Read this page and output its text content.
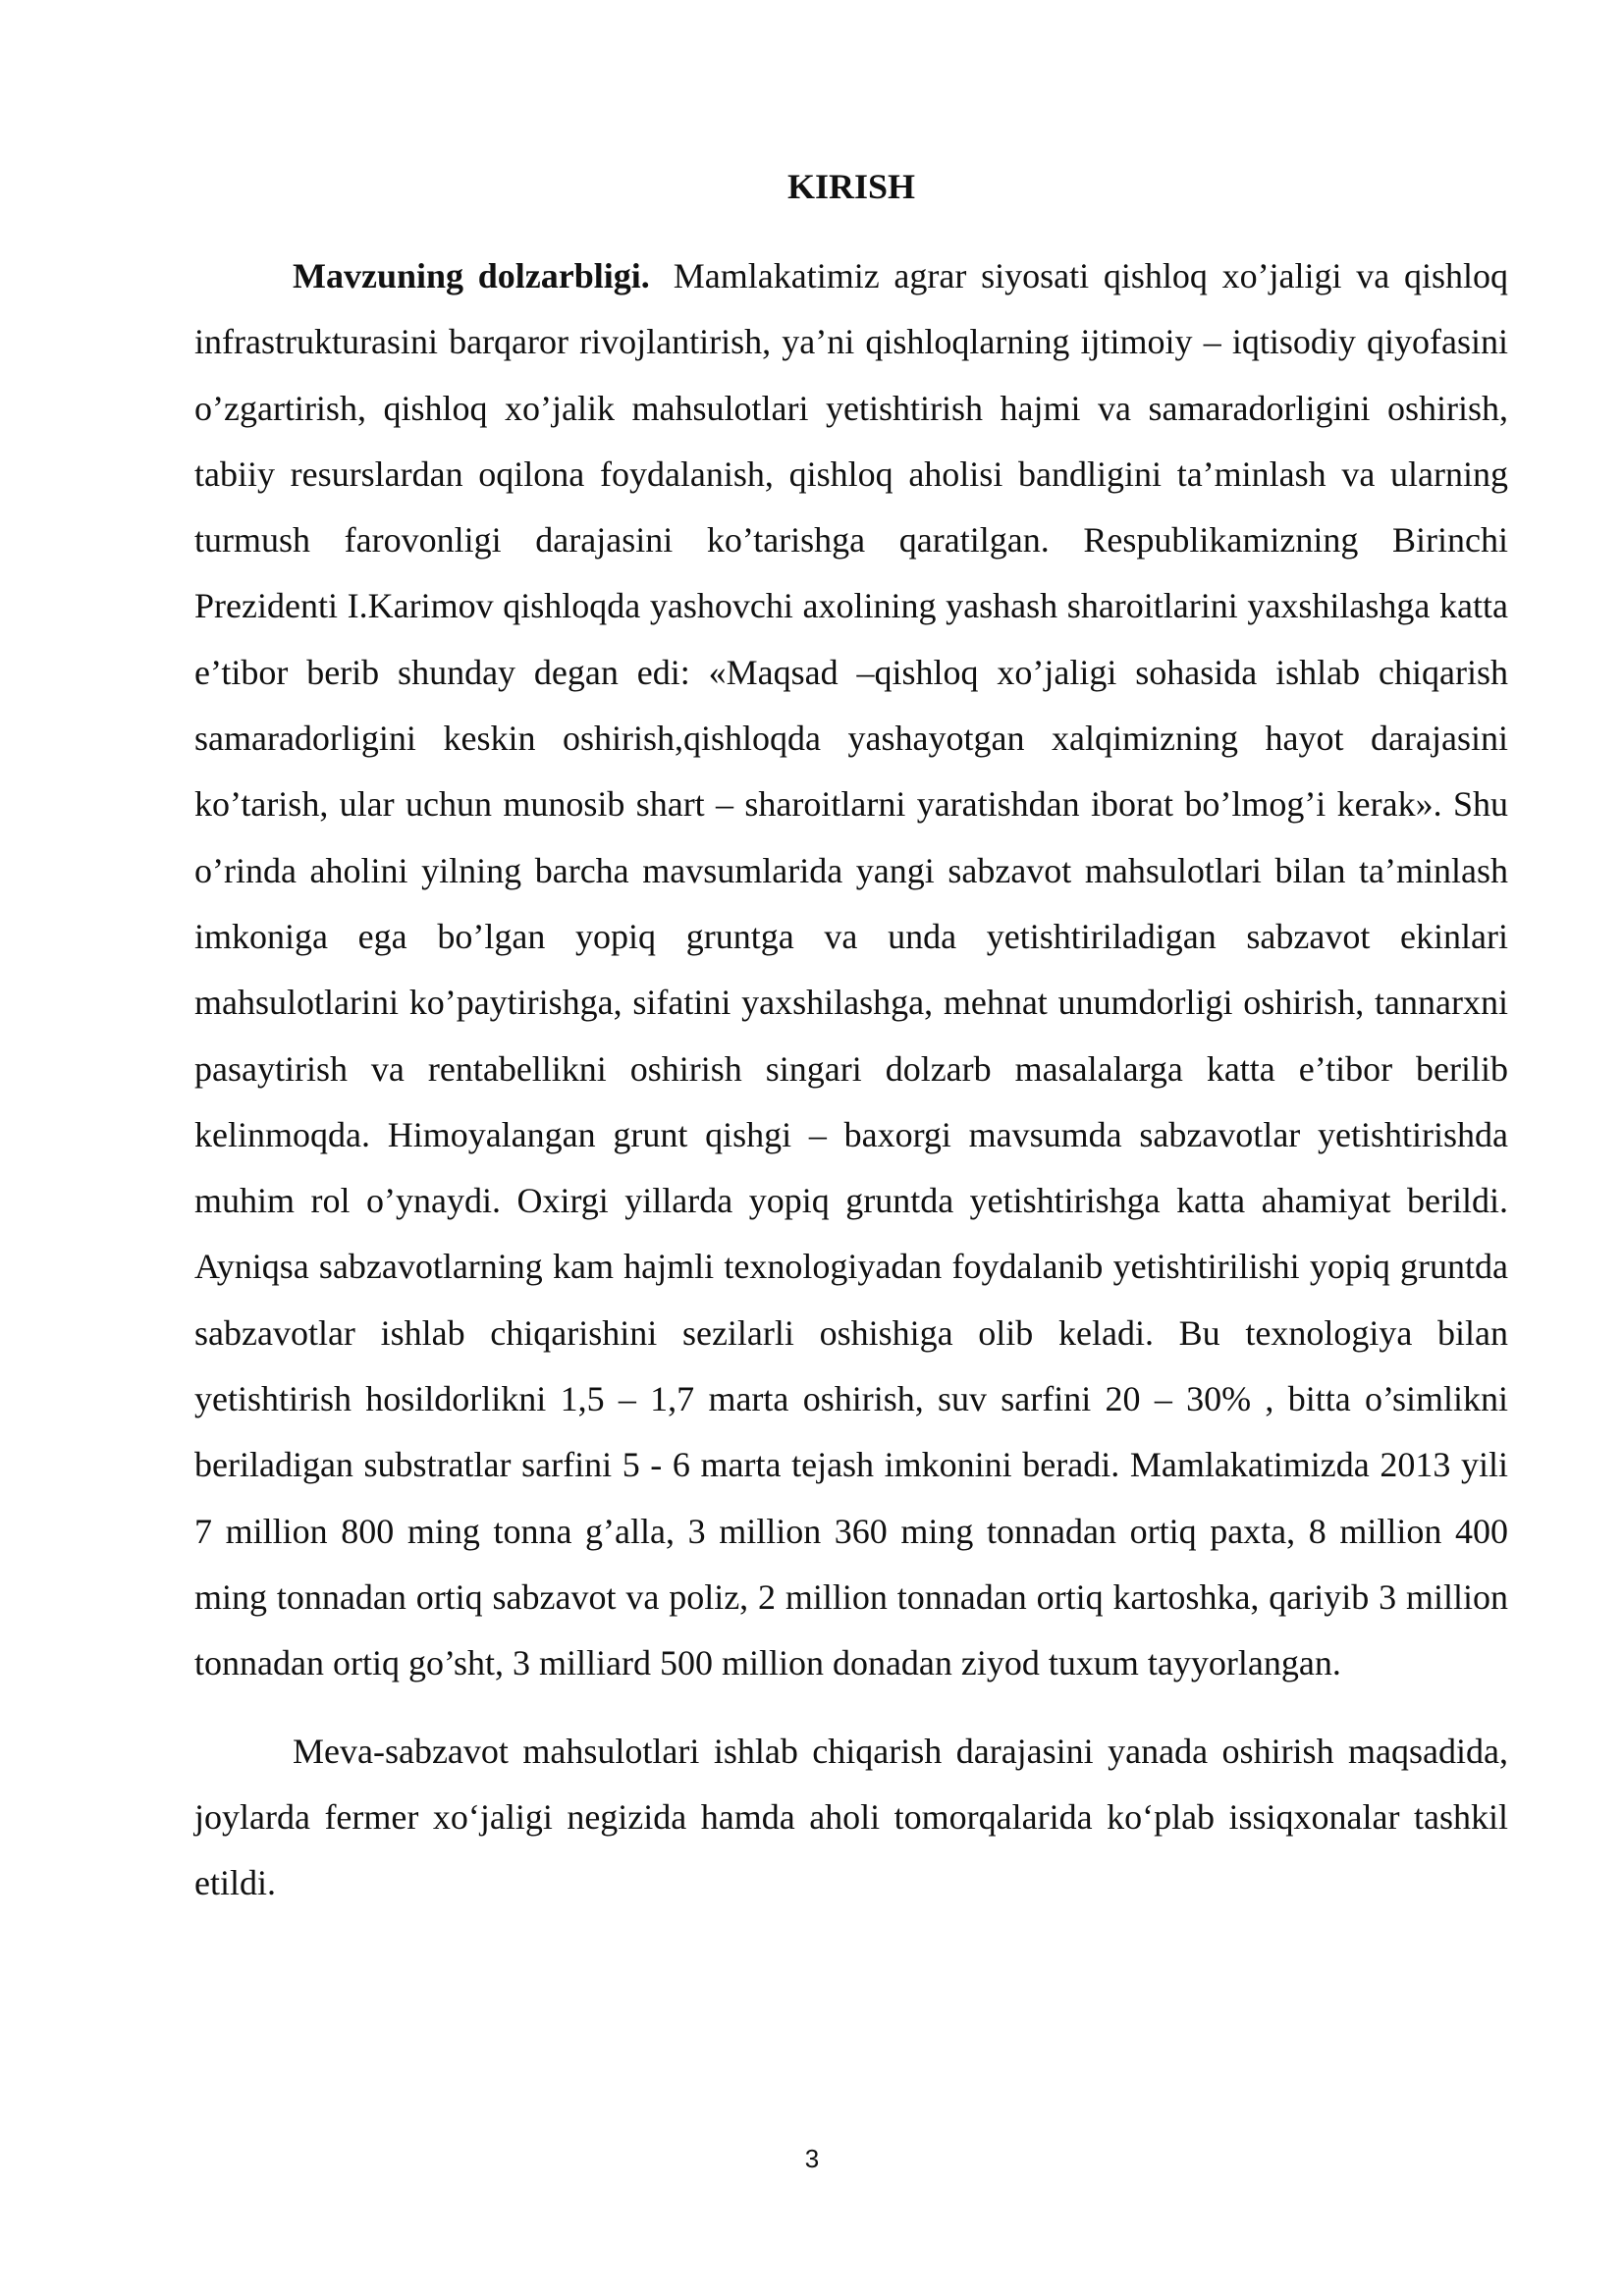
KIRISH

Mavzuning dolzarbligi. Mamlakatimiz agrar siyosati qishloq xo’jaligi va qishloq infrastrukturasini barqaror rivojlantirish, ya’ni qishloqlarning ijtimoiy – iqtisodiy qiyofasini o’zgartirish, qishloq xo’jalik mahsulotlari yetishtirish hajmi va samaradorligini oshirish, tabiiy resurslardan oqilona foydalanish, qishloq aholisi bandligini ta’minlash va ularning turmush farovonligi darajasini ko’tarishga qaratilgan. Respublikamizning Birinchi Prezidenti I.Karimov qishloqda yashovchi axolining yashash sharoitlarini yaxshilashga katta e’tibor berib shunday degan edi: «Maqsad –qishloq xo’jaligi sohasida ishlab chiqarish samaradorligini keskin oshirish,qishloqda yashayotgan xalqimizning hayot darajasini ko’tarish, ular uchun munosib shart – sharoitlarni yaratishdan iborat bo’lmog’i kerak». Shu o’rinda aholini yilning barcha mavsumlarida yangi sabzavot mahsulotlari bilan ta’minlash imkoniga ega bo’lgan yopiq gruntga va unda yetishtiriladigan sabzavot ekinlari mahsulotlarini ko’paytirishga, sifatini yaxshilashga, mehnat unumdorligi oshirish, tannarxni pasaytirish va rentabellikni oshirish singari dolzarb masalalarga katta e’tibor berilib kelinmoqda. Himoyalangan grunt qishgi – baxorgi mavsumda sabzavotlar yetishtirishda muhim rol o’ynaydi. Oxirgi yillarda yopiq gruntda yetishtirishga katta ahamiyat berildi. Ayniqsa sabzavotlarning kam hajmli texnologiyadan foydalanib yetishtirilishi yopiq gruntda sabzavotlar ishlab chiqarishini sezilarli oshishiga olib keladi. Bu texnologiya bilan yetishtirish hosildorlikni 1,5 – 1,7 marta oshirish, suv sarfini 20 – 30% , bitta o’simlikni beriladigan substratlar sarfini 5 - 6 marta tejash imkonini beradi. Mamlakatimizda 2013 yili 7 million 800 ming tonna g’alla, 3 million 360 ming tonnadan ortiq paxta, 8 million 400 ming tonnadan ortiq sabzavot va poliz, 2 million tonnadan ortiq kartoshka, qariyib 3 million tonnadan ortiq go’sht, 3 milliard 500 million donadan ziyod tuxum tayyorlangan.

Meva-sabzavot mahsulotlari ishlab chiqarish darajasini yanada oshirish maqsadida, joylarda fermer xo‘jaligi negizida hamda aholi tomorqalarida ko‘plab issiqxonalar tashkil etildi.

3
